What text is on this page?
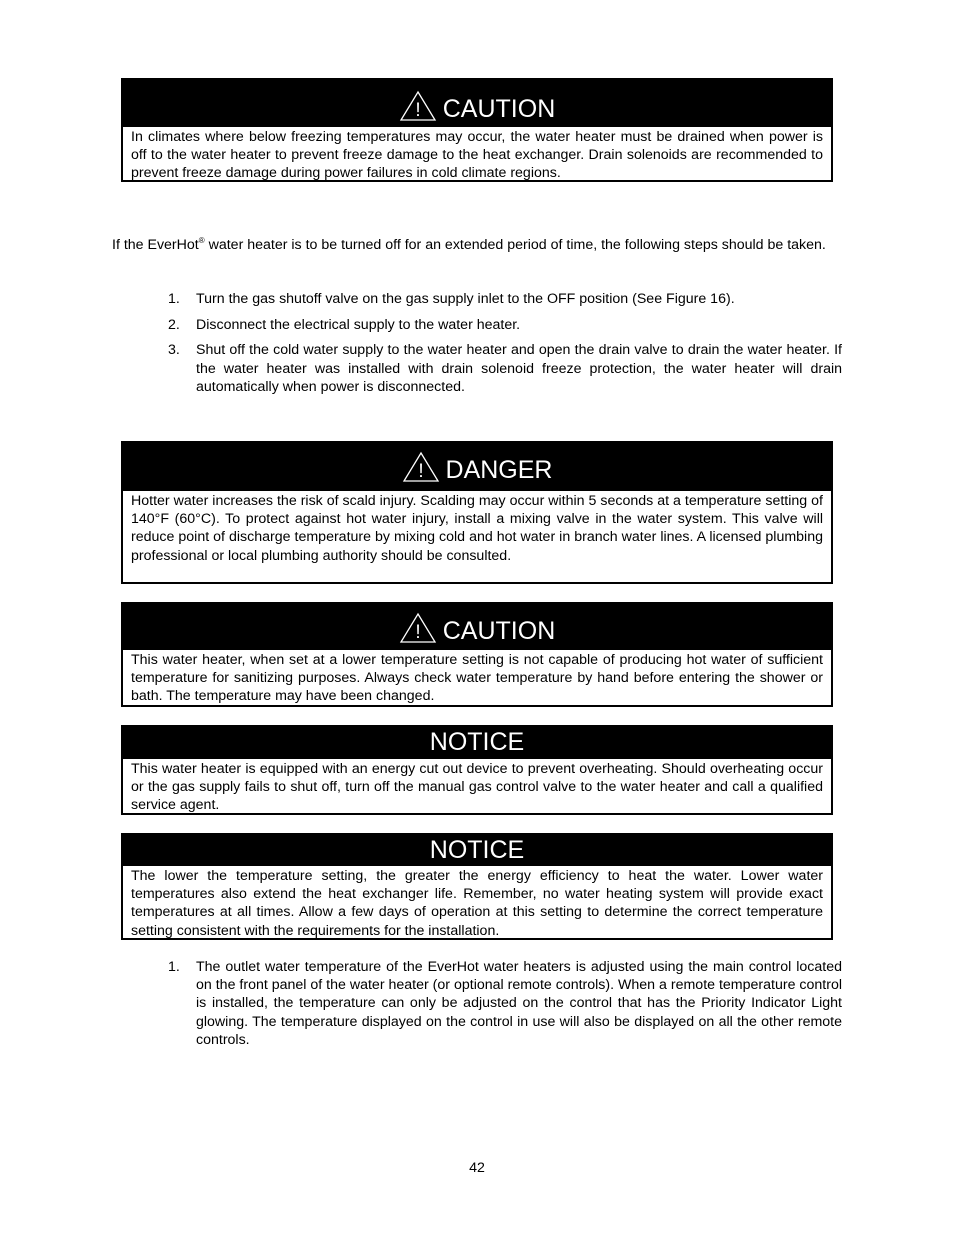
! CAUTION
In climates where below freezing temperatures may occur, the water heater must be drained when power is off to the water heater to prevent freeze damage to the heat exchanger. Drain solenoids are recommended to prevent freeze damage during power failures in cold climate regions.
If the EverHot® water heater is to be turned off for an extended period of time, the following steps should be taken.
1. Turn the gas shutoff valve on the gas supply inlet to the OFF position (See Figure 16).
2. Disconnect the electrical supply to the water heater.
3. Shut off the cold water supply to the water heater and open the drain valve to drain the water heater. If the water heater was installed with drain solenoid freeze protection, the water heater will drain automatically when power is disconnected.
! DANGER
Hotter water increases the risk of scald injury. Scalding may occur within 5 seconds at a temperature setting of 140°F (60°C). To protect against hot water injury, install a mixing valve in the water system. This valve will reduce point of discharge temperature by mixing cold and hot water in branch water lines. A licensed plumbing professional or local plumbing authority should be consulted.
! CAUTION
This water heater, when set at a lower temperature setting is not capable of producing hot water of sufficient temperature for sanitizing purposes. Always check water temperature by hand before entering the shower or bath. The temperature may have been changed.
NOTICE
This water heater is equipped with an energy cut out device to prevent overheating. Should overheating occur or the gas supply fails to shut off, turn off the manual gas control valve to the water heater and call a qualified service agent.
NOTICE
The lower the temperature setting, the greater the energy efficiency to heat the water. Lower water temperatures also extend the heat exchanger life. Remember, no water heating system will provide exact temperatures at all times. Allow a few days of operation at this setting to determine the correct temperature setting consistent with the requirements for the installation.
1. The outlet water temperature of the EverHot water heaters is adjusted using the main control located on the front panel of the water heater (or optional remote controls). When a remote temperature control is installed, the temperature can only be adjusted on the control that has the Priority Indicator Light glowing. The temperature displayed on the control in use will also be displayed on all the other remote controls.
42
